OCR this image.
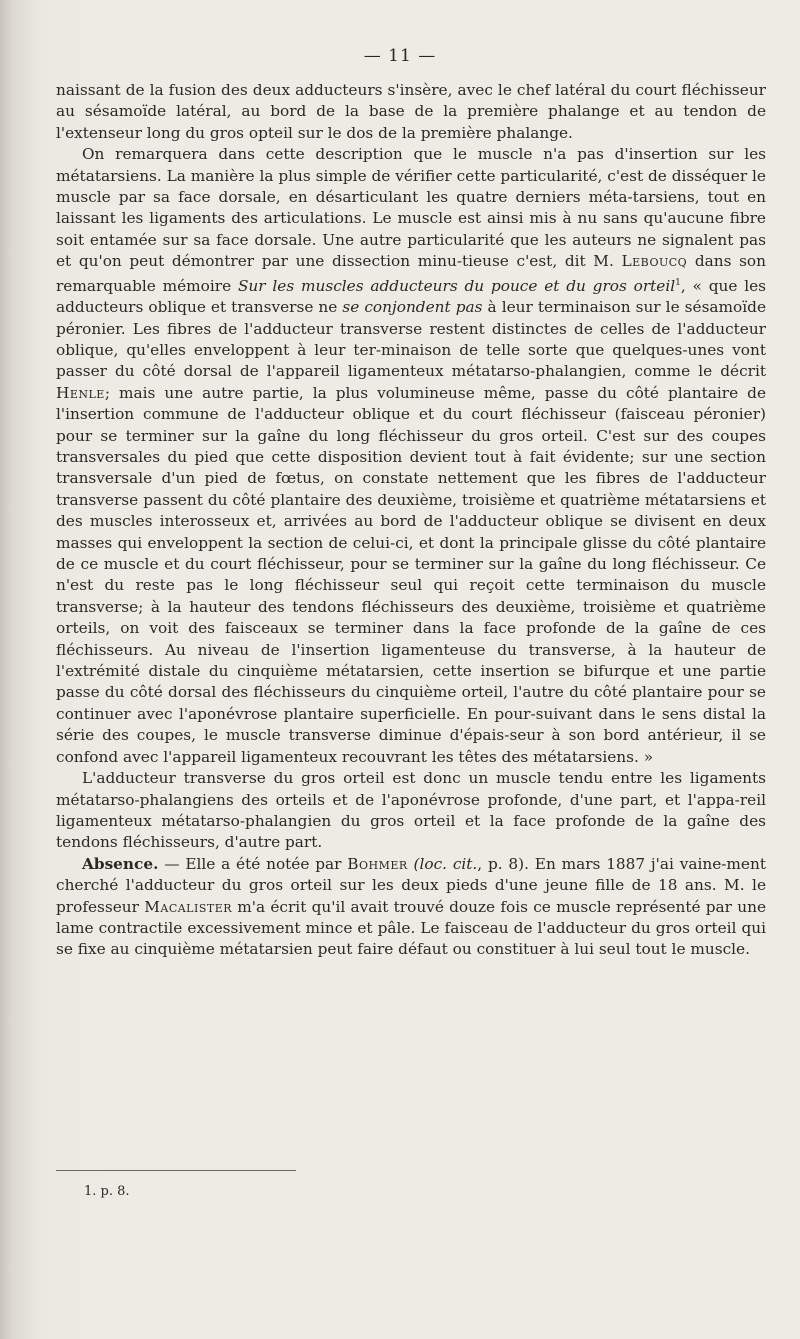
— 11 —

naissant de la fusion des deux adducteurs s'insère, avec le chef latéral du court fléchisseur au sésamoïde latéral, au bord de la base de la première phalange et au tendon de l'extenseur long du gros opteil sur le dos de la première phalange.

On remarquera dans cette description que le muscle n'a pas d'insertion sur les métatarsiens. La manière la plus simple de vérifier cette particularité, c'est de disséquer le muscle par sa face dorsale, en désarticulant les quatre derniers méta-tarsiens, tout en laissant les ligaments des articulations. Le muscle est ainsi mis à nu sans qu'aucune fibre soit entamée sur sa face dorsale. Une autre particularité que les auteurs ne signalent pas et qu'on peut démontrer par une dissection minu-tieuse c'est, dit M. Leboucq dans son remarquable mémoire Sur les muscles adducteurs du pouce et du gros orteil$^1$, « que les adducteurs oblique et transverse ne se conjondent pas à leur terminaison sur le sésamoïde péronier. Les fibres de l'adducteur transverse restent distinctes de celles de l'adducteur oblique, qu'elles enveloppent à leur ter-minaison de telle sorte que quelques-unes vont passer du côté dorsal de l'appareil ligamenteux métatarso-phalangien, comme le décrit Henle; mais une autre partie, la plus volumineuse même, passe du côté plantaire de l'insertion commune de l'adducteur oblique et du court fléchisseur (faisceau péronier) pour se terminer sur la gaîne du long fléchisseur du gros orteil. C'est sur des coupes transversales du pied que cette disposition devient tout à fait évidente; sur une section transversale d'un pied de fœtus, on constate nettement que les fibres de l'adducteur transverse passent du côté plantaire des deuxième, troisième et quatrième métatarsiens et des muscles interosseux et, arrivées au bord de l'adducteur oblique se divisent en deux masses qui enveloppent la section de celui-ci, et dont la principale glisse du côté plantaire de ce muscle et du court fléchisseur, pour se terminer sur la gaîne du long fléchisseur. Ce n'est du reste pas le long fléchisseur seul qui reçoit cette terminaison du muscle transverse; à la hauteur des tendons fléchisseurs des deuxième, troisième et quatrième orteils, on voit des faisceaux se terminer dans la face profonde de la gaîne de ces fléchisseurs. Au niveau de l'insertion ligamenteuse du transverse, à la hauteur de l'extrémité distale du cinquième métatarsien, cette insertion se bifurque et une partie passe du côté dorsal des fléchisseurs du cinquième orteil, l'autre du côté plantaire pour se continuer avec l'aponévrose plantaire superficielle. En pour-suivant dans le sens distal la série des coupes, le muscle transverse diminue d'épais-seur à son bord antérieur, il se confond avec l'appareil ligamenteux recouvrant les têtes des métatarsiens. »

L'adducteur transverse du gros orteil est donc un muscle tendu entre les ligaments métatarso-phalangiens des orteils et de l'aponévrose profonde, d'une part, et l'appa-reil ligamenteux métatarso-phalangien du gros orteil et la face profonde de la gaîne des tendons fléchisseurs, d'autre part.

Absence. — Elle a été notée par Bohmer (loc. cit., p. 8). En mars 1887 j'ai vaine-ment cherché l'adducteur du gros orteil sur les deux pieds d'une jeune fille de 18 ans. M. le professeur Macalister m'a écrit qu'il avait trouvé douze fois ce muscle représenté par une lame contractile excessivement mince et pâle. Le faisceau de l'adducteur du gros orteil qui se fixe au cinquième métatarsien peut faire défaut ou constituer à lui seul tout le muscle.

1. p. 8.
